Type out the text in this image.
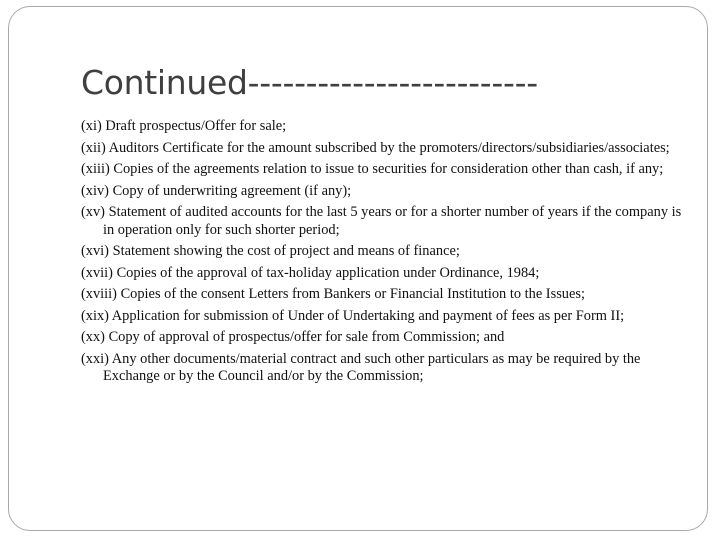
Continued-------------------------
(xi) Draft prospectus/Offer for sale;
(xii) Auditors Certificate for the amount subscribed by the promoters/directors/subsidiaries/associates;
(xiii) Copies of the agreements relation to issue to securities for consideration other than cash, if any;
(xiv) Copy of underwriting agreement (if any);
(xv) Statement of audited accounts for the last 5 years or for a shorter number of years if the company is in operation only for such shorter period;
(xvi) Statement showing the cost of project and means of finance;
(xvii) Copies of the approval of tax-holiday application under Ordinance, 1984;
(xviii) Copies of the consent Letters from Bankers or Financial Institution to the Issues;
(xix) Application for submission of Under of Undertaking and payment of fees as per Form II;
(xx) Copy of approval of prospectus/offer for sale from Commission; and
(xxi) Any other documents/material contract and such other particulars as may be required by the Exchange or by the Council and/or by the Commission;
